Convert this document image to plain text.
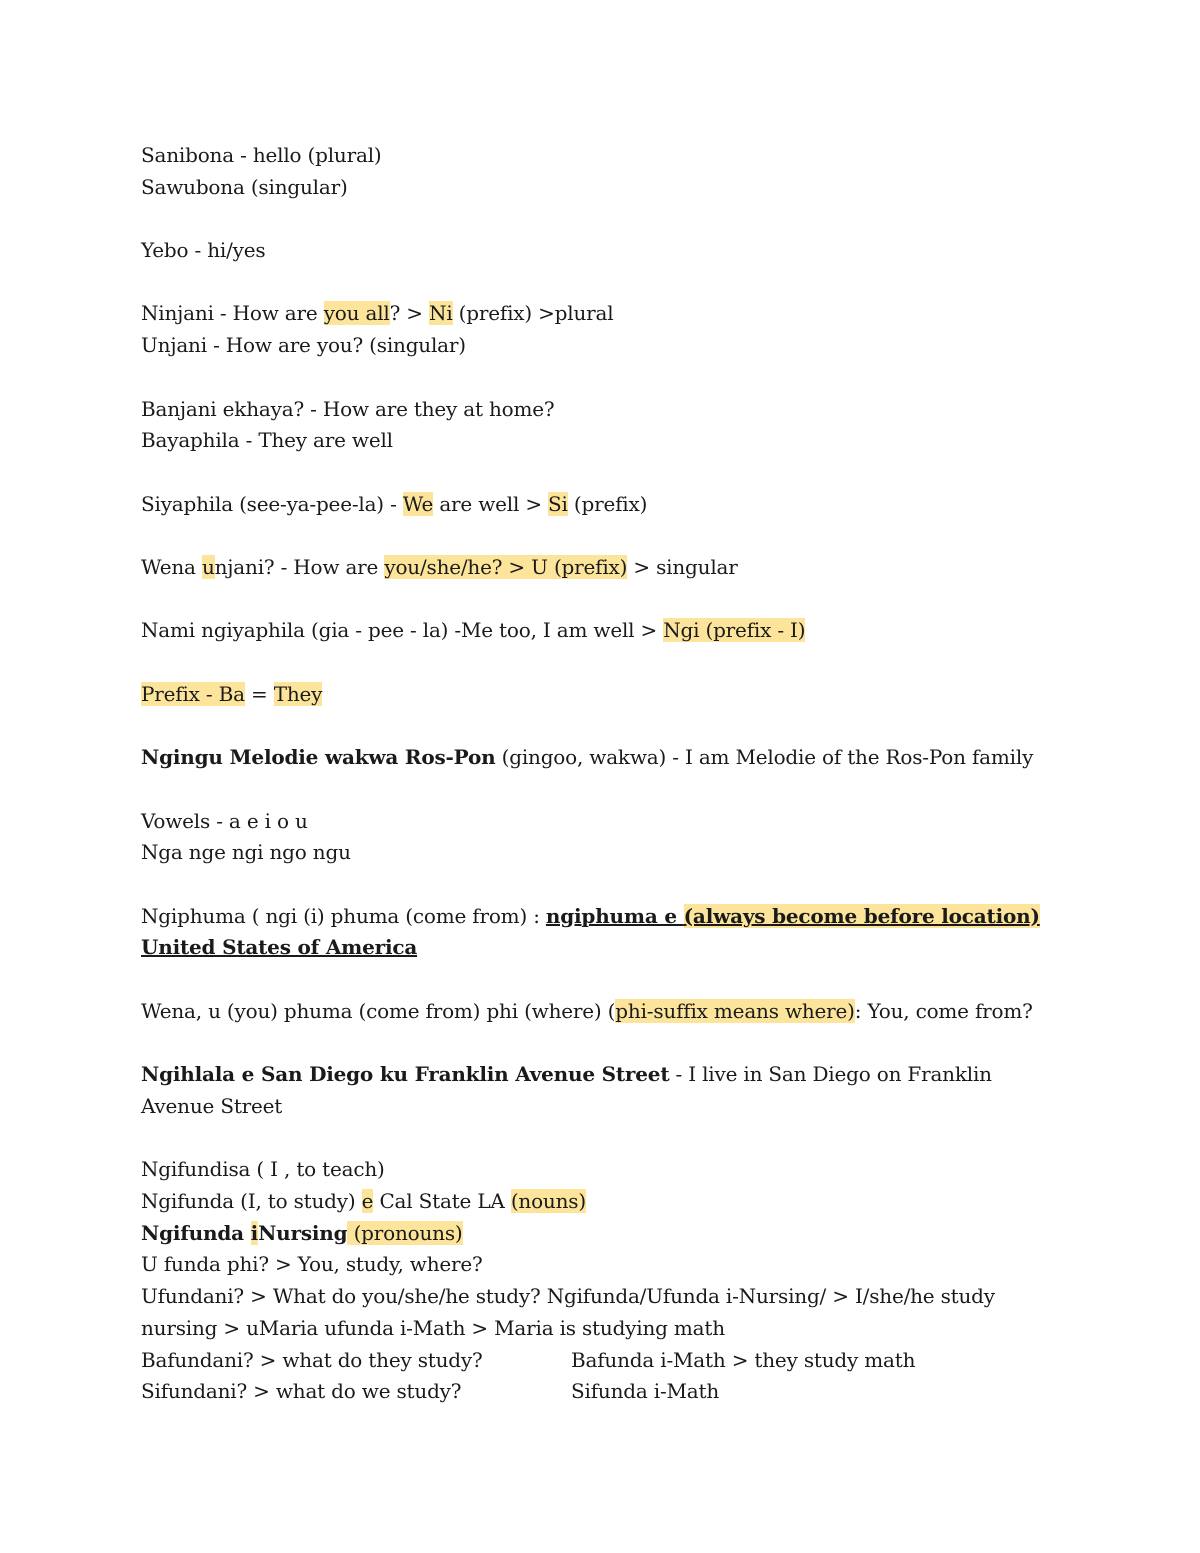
Sanibona - hello (plural)
Sawubona (singular)
Yebo - hi/yes
Ninjani - How are you all? > Ni (prefix) >plural
Unjani - How are you? (singular)
Banjani ekhaya? - How are they at home?
Bayaphila - They are well
Siyaphila (see-ya-pee-la) - We are well > Si (prefix)
Wena unjani? - How are you/she/he? > U (prefix) > singular
Nami ngiyaphila (gia - pee - la) -Me too, I am well > Ngi (prefix - I)
Prefix - Ba = They
Ngingu Melodie wakwa Ros-Pon (gingoo, wakwa) - I am Melodie of the Ros-Pon family
Vowels - a e i o u
Nga nge ngi ngo ngu
Ngiphuma ( ngi (i) phuma (come from) : ngiphuma e (always become before location)
United States of America
Wena, u (you) phuma (come from) phi (where) (phi-suffix means where): You, come from?
Ngihlala e San Diego ku Franklin Avenue Street - I live in San Diego on Franklin Avenue Street
Ngifundisa ( I , to teach)
Ngifunda (I, to study) e Cal State LA (nouns)
Ngifunda iNursing (pronouns)
U funda phi? > You, study, where?
Ufundani? > What do you/she/he study? Ngifunda/Ufunda i-Nursing/ > I/she/he study nursing > uMaria ufunda i-Math > Maria is studying math
Bafundani? > what do they study?	Bafunda i-Math > they study math
Sifundani? > what do we study?	Sifunda i-Math
